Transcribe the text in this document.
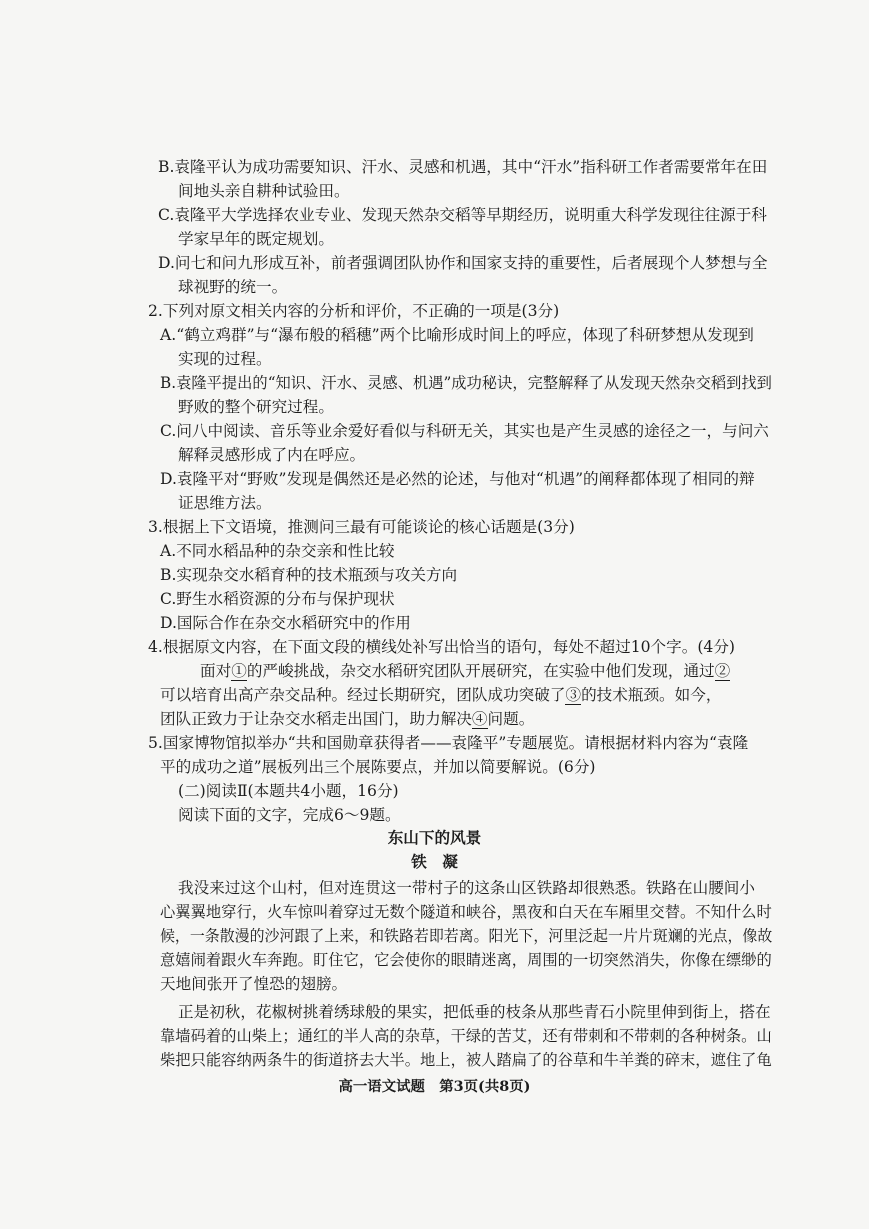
B.袁隆平认为成功需要知识、汗水、灵感和机遇，其中“汗水”指科研工作者需要常年在田
间地头亲自耕种试验田。
C.袁隆平大学选择农业专业、发现天然杂交稻等早期经历，说明重大科学发现往往源于科
学家早年的既定规划。
D.问七和问九形成互补，前者强调团队协作和国家支持的重要性，后者展现个人梦想与全
球视野的统一。
2.下列对原文相关内容的分析和评价，不正确的一项是(3分)
A.“鹤立鸡群”与“瀑布般的稻穗”两个比喻形成时间上的呼应，体现了科研梦想从发现到
实现的过程。
B.袁隆平提出的“知识、汗水、灵感、机遇”成功秘诀，完整解释了从发现天然杂交稻到找到
野败的整个研究过程。
C.问八中阅读、音乐等业余爱好看似与科研无关，其实也是产生灵感的途径之一，与问六
解释灵感形成了内在呼应。
D.袁隆平对“野败”发现是偶然还是必然的论述，与他对“机遇”的阐释都体现了相同的辩
证思维方法。
3.根据上下文语境，推测问三最有可能谈论的核心话题是(3分)
A.不同水稻品种的杂交亲和性比较
B.实现杂交水稻育种的技术瓶颈与攻关方向
C.野生水稻资源的分布与保护现状
D.国际合作在杂交水稻研究中的作用
4.根据原文内容，在下面文段的横线处补写出恰当的语句，每处不超过10个字。(4分)
面对①的严峻挑战，杂交水稻研究团队开展研究，在实验中他们发现，通过②
可以培育出高产杂交品种。经过长期研究，团队成功突破了③的技术瓶颈。如今，
团队正致力于让杂交水稻走出国门，助力解决④问题。
5.国家博物馆拟举办“共和国勋章获得者——袁隆平”专题展览。请根据材料内容为“袁隆
平的成功之道”展板列出三个展陈要点，并加以简要解说。(6分)
(二)阅读Ⅱ(本题共4小题，16分)
阅读下面的文字，完成6～9题。
东山下的风景
铁　凝
我没来过这个山村，但对连贯这一带村子的这条山区铁路却很熟悉。铁路在山腰间小
心翼翼地穿行，火车惊叫着穿过无数个隧道和峡谷，黑夜和白天在车厢里交替。不知什么时
候，一条散漫的沙河跟了上来，和铁路若即若离。阳光下，河里泛起一片片斑斓的光点，像故
意嬉闹着跟火车奔跑。盯住它，它会使你的眼睛迷离，周围的一切突然消失，你像在缥缈的
天地间张开了惶恐的翅膀。
正是初秋，花椒树挑着绣球般的果实，把低垂的枝条从那些青石小院里伸到街上，搭在
靠墙码着的山柴上；通红的半人高的杂草，干绿的苦艾，还有带刺和不带刺的各种树条。山
柴把只能容纳两条牛的街道挤去大半。地上，被人踏扁了的谷草和牛羊粪的碎末，遮住了龟
高一语文试题　第3页(共8页)
